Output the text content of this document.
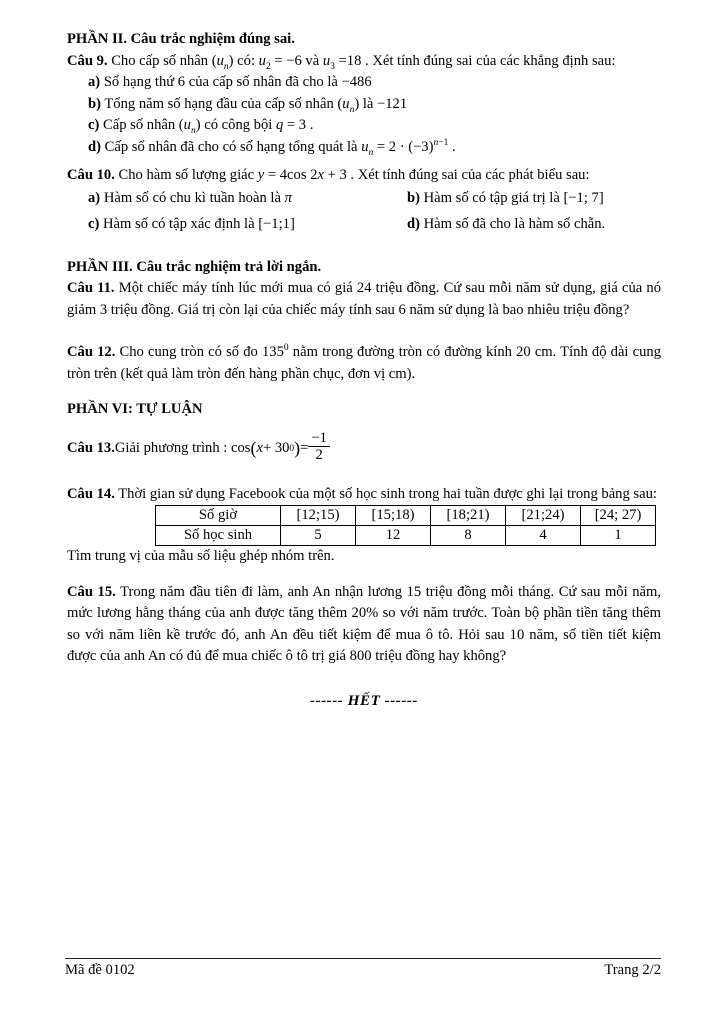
PHẦN II. Câu trắc nghiệm đúng sai.

Câu 9. Cho cấp số nhân $(u_n)$ có: $u_2 = -6$ và $u_3 =18$ . Xét tính đúng sai của các khẳng định sau:

a) Số hạng thứ 6 của cấp số nhân đã cho là −486

b) Tổng năm số hạng đầu của cấp số nhân $(u_n)$ là −121

c) Cấp số nhân $(u_n)$ có công bội q = 3 .

d) Cấp số nhân đã cho có số hạng tổng quát là $u_n = 2 \cdot (-3)^{n-1}$ .

Câu 10. Cho hàm số lượng giác y = 4cos 2x + 3 . Xét tính đúng sai của các phát biểu sau:

a) Hàm số có chu kì tuần hoàn là π	b) Hàm số có tập giá trị là [−1; 7]

c) Hàm số có tập xác định là [−1;1]	d) Hàm số đã cho là hàm số chẵn.

PHẦN III. Câu trắc nghiệm trả lời ngắn.

Câu 11. Một chiếc máy tính lúc mới mua có giá 24 triệu đồng. Cứ sau mỗi năm sử dụng, giá của nó giảm 3 triệu đồng. Giá trị còn lại của chiếc máy tính sau 6 năm sử dụng là bao nhiêu triệu đồng?

Câu 12. Cho cung tròn có số đo $135^0$ nằm trong đường tròn có đường kính 20 cm. Tính độ dài cung tròn trên (kết quả làm tròn đến hàng phần chục, đơn vị cm).

PHẦN VI: TỰ LUẬN

Câu 13. Giải phương trình : cos ( x + 30 0 ) = $\frac{-1}{2}$

Câu 14. Thời gian sử dụng Facebook của một số học sinh trong hai tuần được ghi lại trong bảng sau:

Số giờ	[12;15)	[15;18)	[18;21)	[21;24)	[24; 27)
Số học sinh	5	12	8	4	1

Tìm trung vị của mẫu số liệu ghép nhóm trên.

Câu 15. Trong năm đầu tiên đi làm, anh An nhận lương 15 triệu đồng mỗi tháng. Cứ sau mỗi năm, mức lương hằng tháng của anh được tăng thêm 20% so với năm trước. Toàn bộ phần tiền tăng thêm so với năm liền kề trước đó, anh An đều tiết kiệm để mua ô tô. Hỏi sau 10 năm, số tiền tiết kiệm được của anh An có đủ để mua chiếc ô tô trị giá 800 triệu đồng hay không?

------ HẾT ------

Mã đề 0102	Trang 2/2
